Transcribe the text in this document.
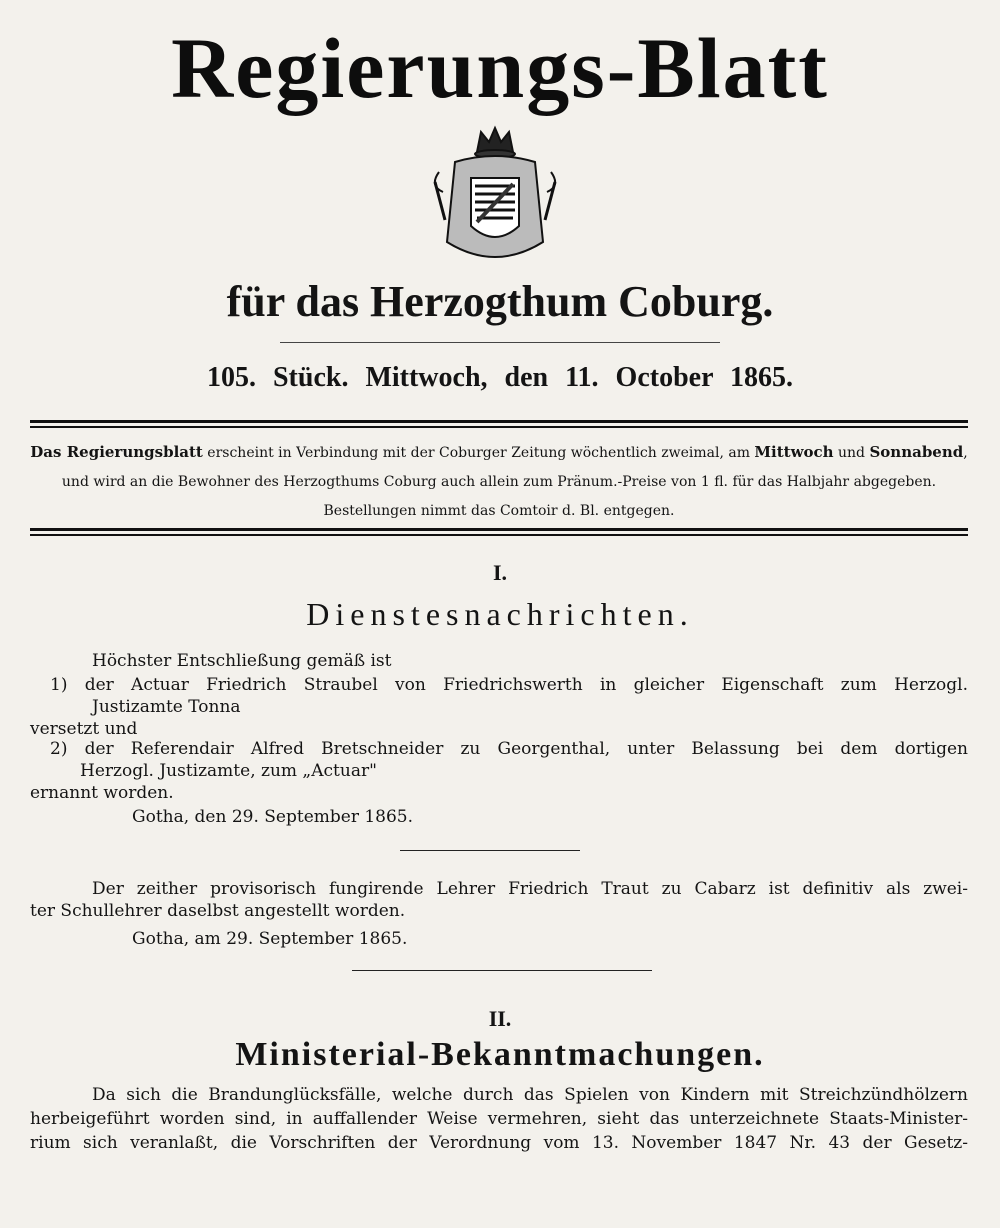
Regierungs-Blatt
für das Herzogthum Coburg.
105. Stück. Mittwoch, den 11. October 1865.
Das Regierungsblatt erscheint in Verbindung mit der Coburger Zeitung wöchentlich zweimal, am Mittwoch und Sonnabend, und wird an die Bewohner des Herzogthums Coburg auch allein zum Pränum.-Preise von 1 fl. für das Halbjahr abgegeben. Bestellungen nimmt das Comtoir d. Bl. entgegen.
I.
Dienstesnachrichten.
Höchster Entschließung gemäß ist
1) der Actuar Friedrich Straubel von Friedrichswerth in gleicher Eigenschaft zum Herzogl.
Justizamte Tonna
versetzt und
2) der Referendair Alfred Bretschneider zu Georgenthal, unter Belassung bei dem dortigen
Herzogl. Justizamte, zum „Actuar"
ernannt worden.
Gotha, den 29. September 1865.
Der zeither provisorisch fungirende Lehrer Friedrich Traut zu Cabarz ist definitiv als zwei-
ter Schullehrer daselbst angestellt worden.
Gotha, am 29. September 1865.
II.
Ministerial-Bekanntmachungen.
Da sich die Brandunglücksfälle, welche durch das Spielen von Kindern mit Streichzündhölzern
herbeigeführt worden sind, in auffallender Weise vermehren, sieht das unterzeichnete Staats-Minister-
rium sich veranlaßt, die Vorschriften der Verordnung vom 13. November 1847 Nr. 43 der Gesetz-
